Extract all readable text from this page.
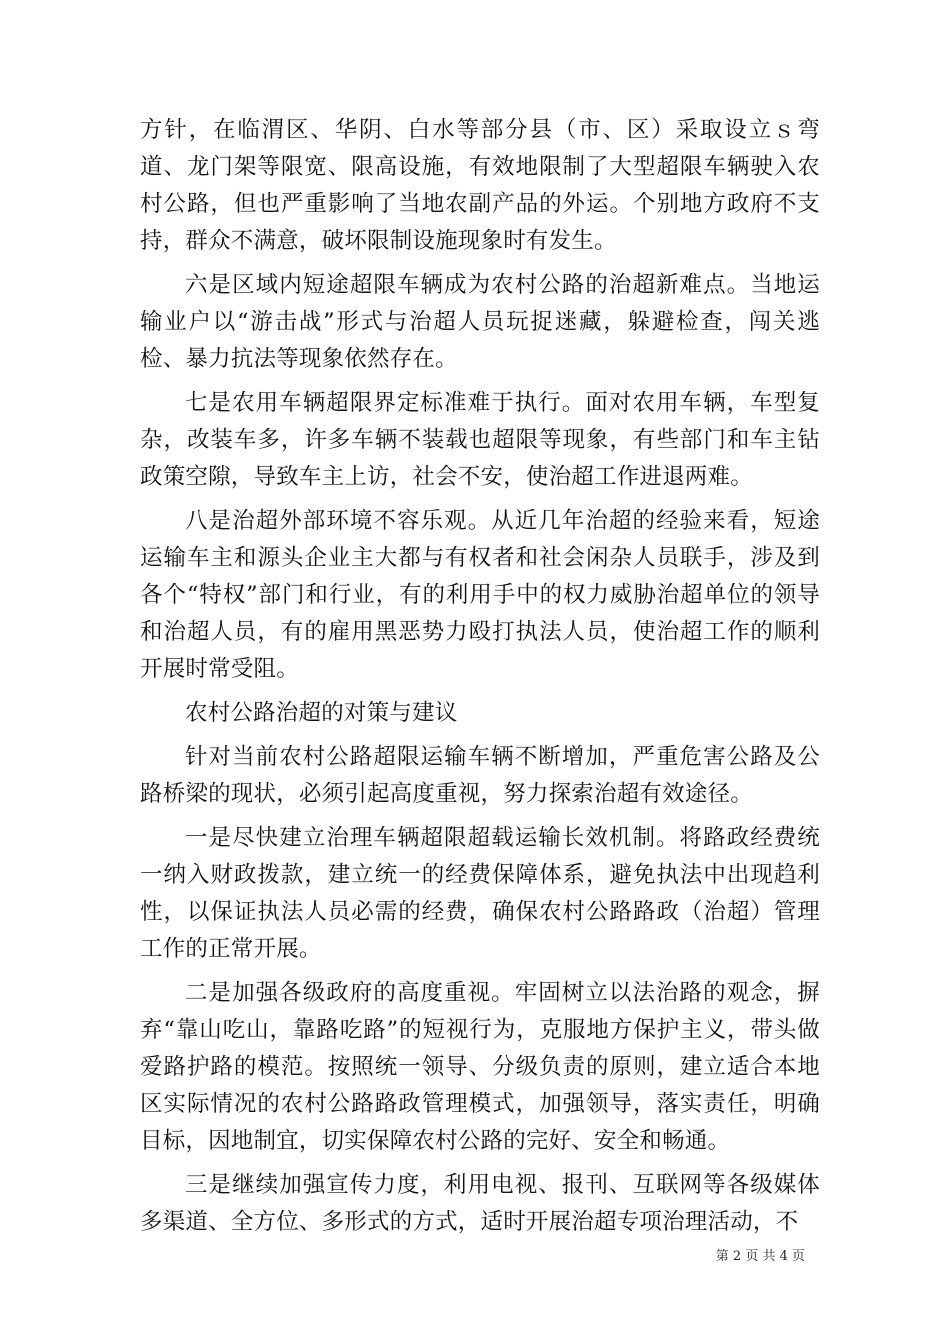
方针，在临渭区、华阴、白水等部分县（市、区）采取设立ｓ弯道、龙门架等限宽、限高设施，有效地限制了大型超限车辆驶入农村公路，但也严重影响了当地农副产品的外运。个别地方政府不支持，群众不满意，破坏限制设施现象时有发生。

六是区域内短途超限车辆成为农村公路的治超新难点。当地运输业户以“游击战”形式与治超人员玩捉迷藏，躲避检查，闯关逃检、暴力抗法等现象依然存在。

七是农用车辆超限界定标准难于执行。面对农用车辆，车型复杂，改装车多，许多车辆不装载也超限等现象，有些部门和车主钻政策空隙，导致车主上访，社会不安，使治超工作进退两难。

八是治超外部环境不容乐观。从近几年治超的经验来看，短途运输车主和源头企业主大都与有权者和社会闲杂人员联手，涉及到各个“特权”部门和行业，有的利用手中的权力威胁治超单位的领导和治超人员，有的雇用黑恶势力殴打执法人员，使治超工作的顺利开展时常受阻。

农村公路治超的对策与建议

针对当前农村公路超限运输车辆不断增加，严重危害公路及公路桥梁的现状，必须引起高度重视，努力探索治超有效途径。

一是尽快建立治理车辆超限超载运输长效机制。将路政经费统一纳入财政拨款，建立统一的经费保障体系，避免执法中出现趋利性，以保证执法人员必需的经费，确保农村公路路政（治超）管理工作的正常开展。

二是加强各级政府的高度重视。牢固树立以法治路的观念，摒弃“靠山吃山，靠路吃路”的短视行为，克服地方保护主义，带头做爱路护路的模范。按照统一领导、分级负责的原则，建立适合本地区实际情况的农村公路路政管理模式，加强领导，落实责任，明确目标，因地制宜，切实保障农村公路的完好、安全和畅通。

三是继续加强宣传力度，利用电视、报刊、互联网等各级媒体多渠道、全方位、多形式的方式，适时开展治超专项治理活动，不

第 2 页 共 4 页
